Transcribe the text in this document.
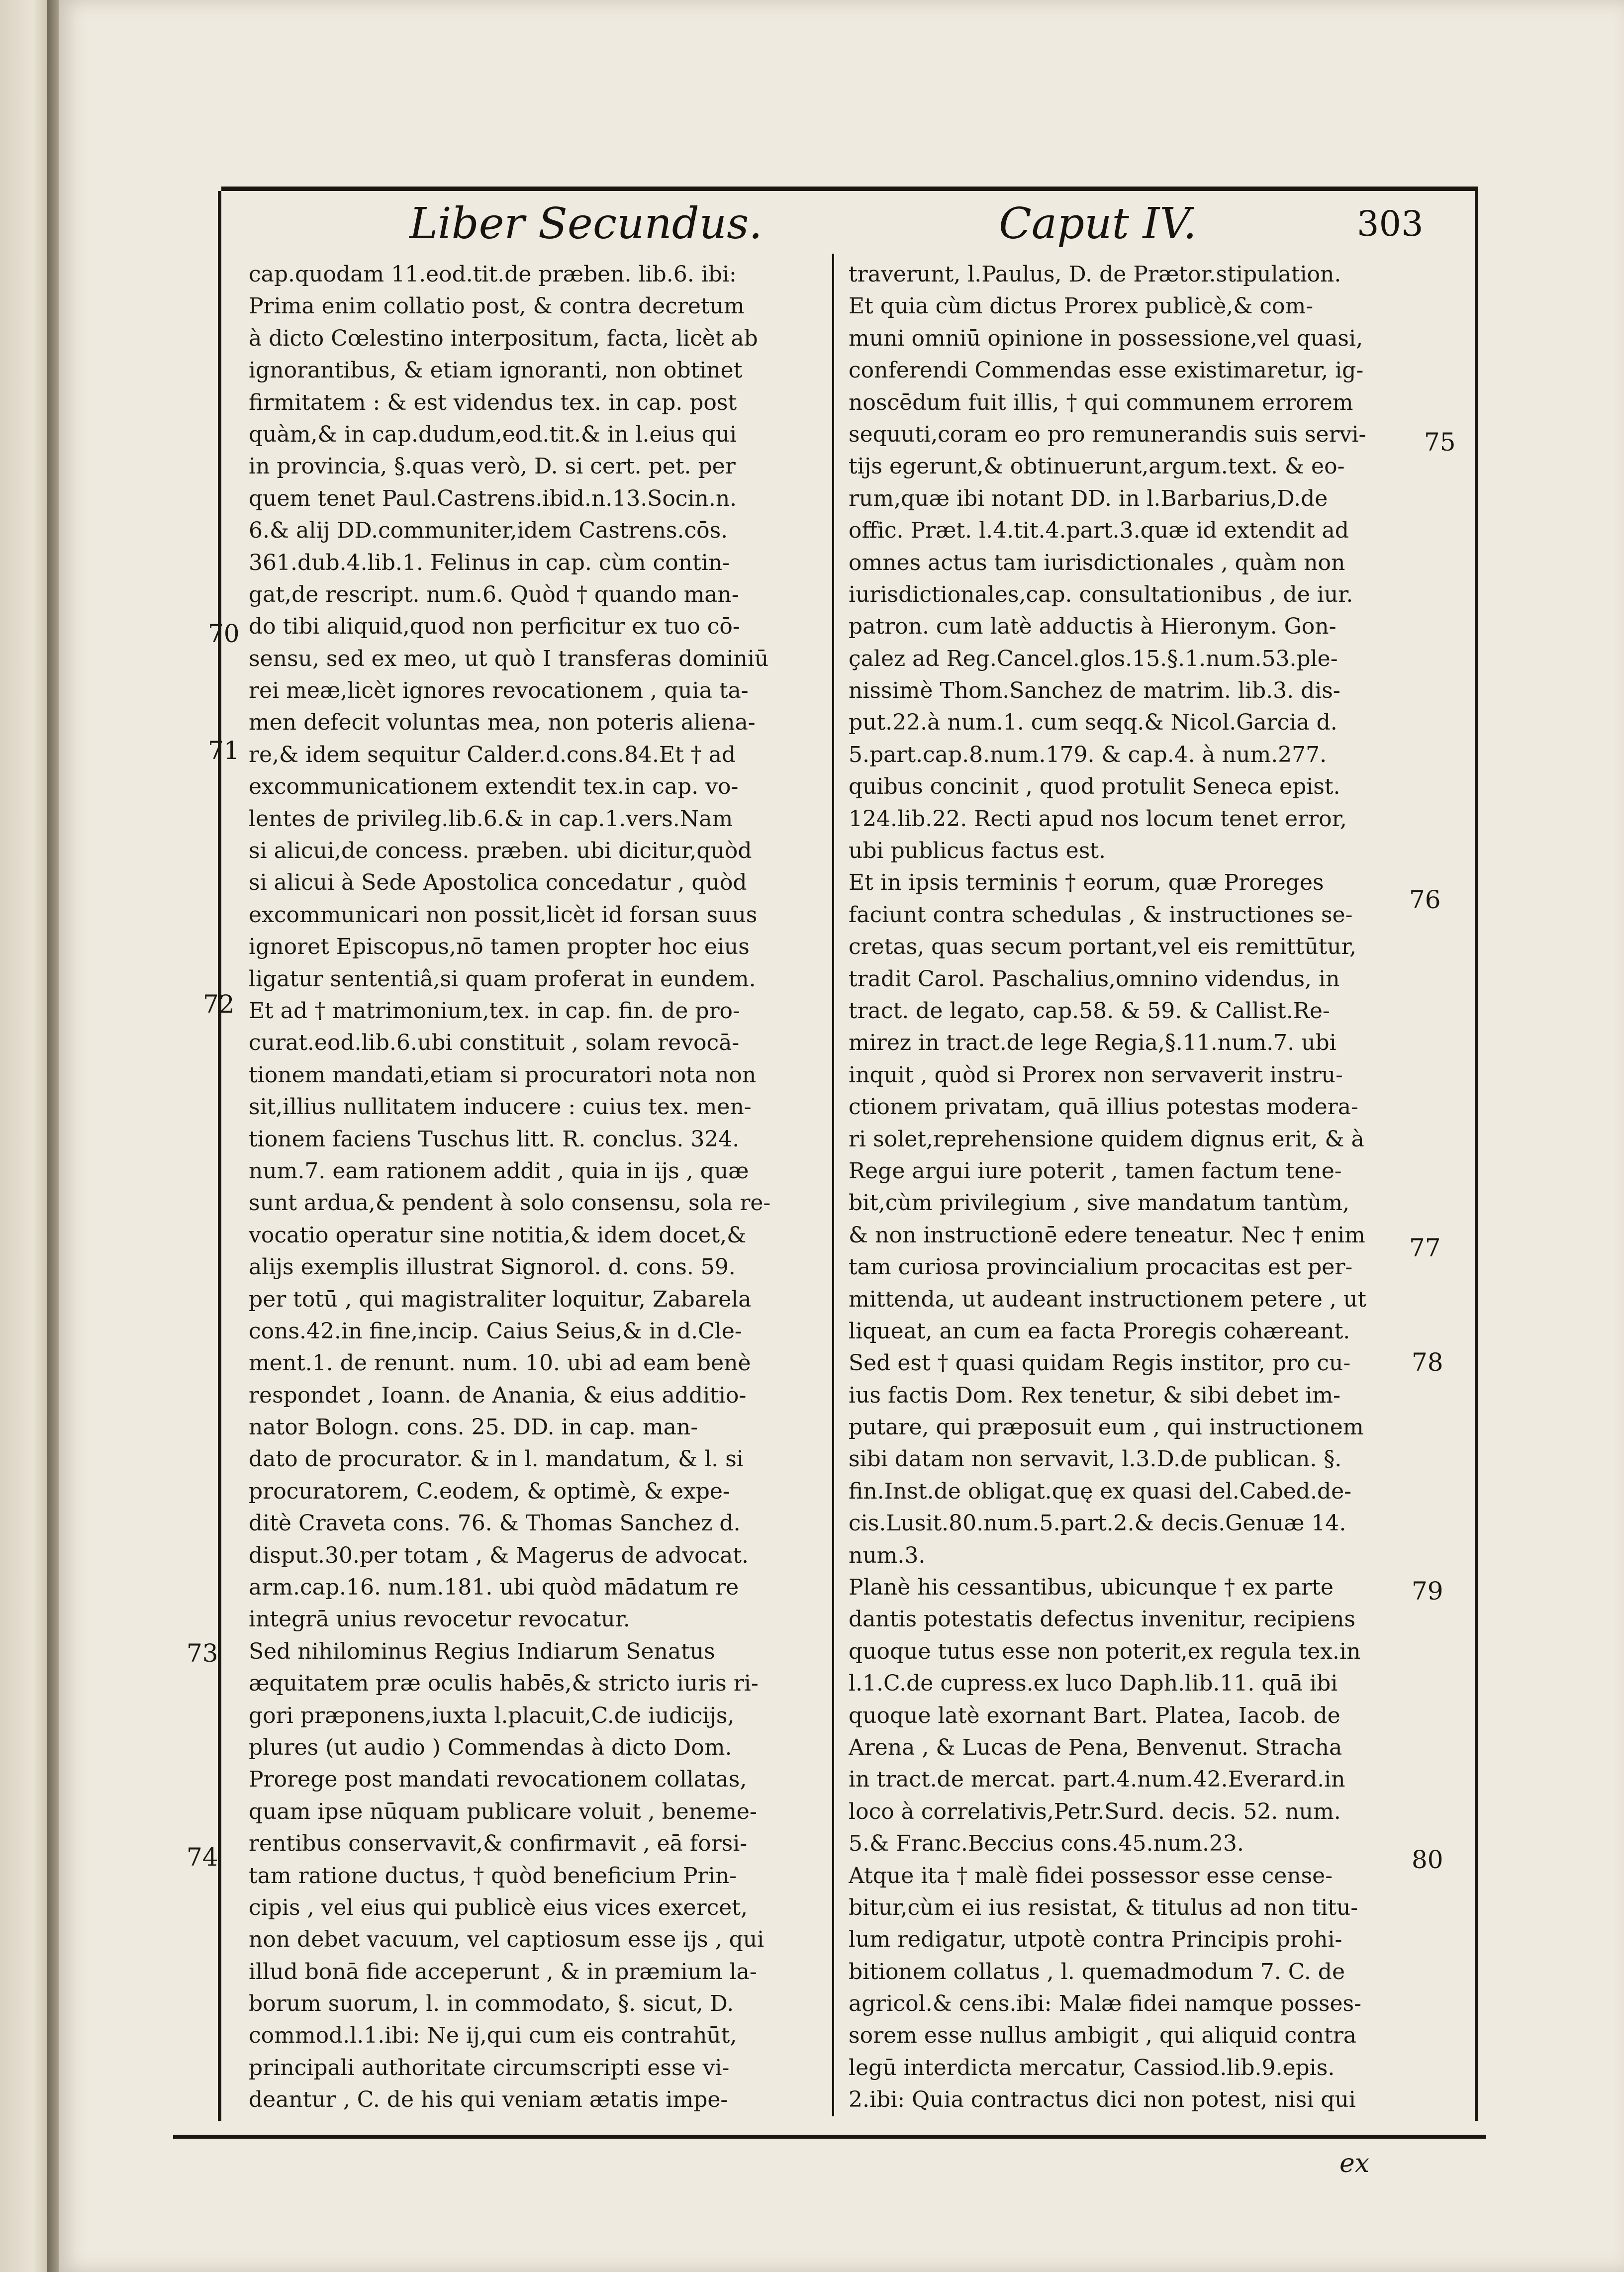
Liber Secundus.	Caput IV.	303
cap.quodam 11.eod.tit.de præben. lib.6. ibi:
Prima enim collatio post, & contra decretum
à dicto Cœlestino interpositum, facta, licèt ab
ignorantibus, & etiam ignoranti, non obtinet
firmitatem : & est videndus tex. in cap. post
quàm,& in cap.dudum,eod.tit.& in l.eius qui
in provincia, §.quas verò, D. si cert. pet. per
quem tenet Paul.Castrens.ibid.n.13.Socin.n.
6.& alij DD.communiter,idem Castrens.cōs.
361.dub.4.lib.1. Felinus in cap. cùm contin-
gat,de rescript. num.6. Quòd † quando man-
do tibi aliquid,quod non perficitur ex tuo cō-
sensu, sed ex meo, ut quò I transferas dominiū
rei meæ,licèt ignores revocationem , quia ta-
men defecit voluntas mea, non poteris aliena-
re,& idem sequitur Calder.d.cons.84.Et † ad
excommunicationem extendit tex.in cap. vo-
lentes de privileg.lib.6.& in cap.1.vers.Nam
si alicui,de concess. præben. ubi dicitur,quòd
si alicui à Sede Apostolica concedatur , quòd
excommunicari non possit,licèt id forsan suus
ignoret Episcopus,nō tamen propter hoc eius
ligatur sententiâ,si quam proferat in eundem.
Et ad † matrimonium,tex. in cap. fin. de pro-
curat.eod.lib.6.ubi constituit , solam revocā-
tionem mandati,etiam si procuratori nota non
sit,illius nullitatem inducere : cuius tex. men-
tionem faciens Tuschus litt. R. conclus. 324.
num.7. eam rationem addit , quia in ijs , quæ
sunt ardua,& pendent à solo consensu, sola re-
vocatio operatur sine notitia,& idem docet,&
alijs exemplis illustrat Signorol. d. cons. 59.
per totū , qui magistraliter loquitur, Zabarela
cons.42.in fine,incip. Caius Seius,& in d.Cle-
ment.1. de renunt. num. 10. ubi ad eam benè
respondet , Ioann. de Anania, & eius additio-
nator Bologn. cons. 25. DD. in cap. man-
dato de procurator. & in l. mandatum, & l. si
procuratorem, C.eodem, & optimè, & expe-
ditè Craveta cons. 76. & Thomas Sanchez d.
disput.30.per totam , & Magerus de advocat.
arm.cap.16. num.181. ubi quòd mādatum re
integrā unius revocetur revocatur.
Sed nihilominus Regius Indiarum Senatus
æquitatem præ oculis habēs,& stricto iuris ri-
gori præponens,iuxta l.placuit,C.de iudicijs,
plures (ut audio ) Commendas à dicto Dom.
Prorege post mandati revocationem collatas,
quam ipse nūquam publicare voluit , beneme-
rentibus conservavit,& confirmavit , eā forsi-
tam ratione ductus, † quòd beneficium Prin-
cipis , vel eius qui publicè eius vices exercet,
non debet vacuum, vel captiosum esse ijs , qui
illud bonā fide acceperunt , & in præmium la-
borum suorum, l. in commodato, §. sicut, D.
commod.l.1.ibi: Ne ij,qui cum eis contrahūt,
principali authoritate circumscripti esse vi-
deantur , C. de his qui veniam ætatis impe-
traverunt, l.Paulus, D. de Prætor.stipulation.
Et quia cùm dictus Prorex publicè,& com-
muni omniū opinione in possessione,vel quasi,
conferendi Commendas esse existimaretur, ig-
noscēdum fuit illis, † qui communem errorem
sequuti,coram eo pro remunerandis suis servi-
tijs egerunt,& obtinuerunt,argum.text. & eo-
rum,quæ ibi notant DD. in l.Barbarius,D.de
offic. Præt. l.4.tit.4.part.3.quæ id extendit ad
omnes actus tam iurisdictionales , quàm non
iurisdictionales,cap. consultationibus , de iur.
patron. cum latè adductis à Hieronym. Gon-
çalez ad Reg.Cancel.glos.15.§.1.num.53.ple-
nissimè Thom.Sanchez de matrim. lib.3. dis-
put.22.à num.1. cum seqq.& Nicol.Garcia d.
5.part.cap.8.num.179. & cap.4. à num.277.
quibus concinit , quod protulit Seneca epist.
124.lib.22. Recti apud nos locum tenet error,
ubi publicus factus est.
Et in ipsis terminis † eorum, quæ Proreges
faciunt contra schedulas , & instructiones se-
cretas, quas secum portant,vel eis remittūtur,
tradit Carol. Paschalius,omnino videndus, in
tract. de legato, cap.58. & 59. & Callist.Re-
mirez in tract.de lege Regia,§.11.num.7. ubi
inquit , quòd si Prorex non servaverit instru-
ctionem privatam, quā illius potestas modera-
ri solet,reprehensione quidem dignus erit, & à
Rege argui iure poterit , tamen factum tene-
bit,cùm privilegium , sive mandatum tantùm,
& non instructionē edere teneatur. Nec † enim
tam curiosa provincialium procacitas est per-
mittenda, ut audeant instructionem petere , ut
liqueat, an cum ea facta Proregis cohæreant.
Sed est † quasi quidam Regis institor, pro cu-
ius factis Dom. Rex tenetur, & sibi debet im-
putare, qui præposuit eum , qui instructionem
sibi datam non servavit, l.3.D.de publican. §.
fin.Inst.de obligat.quę ex quasi del.Cabed.de-
cis.Lusit.80.num.5.part.2.& decis.Genuæ 14.
num.3.
Planè his cessantibus, ubicunque † ex parte
dantis potestatis defectus invenitur, recipiens
quoque tutus esse non poterit,ex regula tex.in
l.1.C.de cupress.ex luco Daph.lib.11. quā ibi
quoque latè exornant Bart. Platea, Iacob. de
Arena , & Lucas de Pena, Benvenut. Stracha
in tract.de mercat. part.4.num.42.Everard.in
loco à correlativis,Petr.Surd. decis. 52. num.
5.& Franc.Beccius cons.45.num.23.
Atque ita † malè fidei possessor esse cense-
bitur,cùm ei ius resistat, & titulus ad non titu-
lum redigatur, utpotè contra Principis prohi-
bitionem collatus , l. quemadmodum 7. C. de
agricol.& cens.ibi: Malæ fidei namque posses-
sorem esse nullus ambigit , qui aliquid contra
legū interdicta mercatur, Cassiod.lib.9.epis.
2.ibi: Quia contractus dici non potest, nisi qui
70
71
72
73
74
75
76
77
78
79
80
ex
